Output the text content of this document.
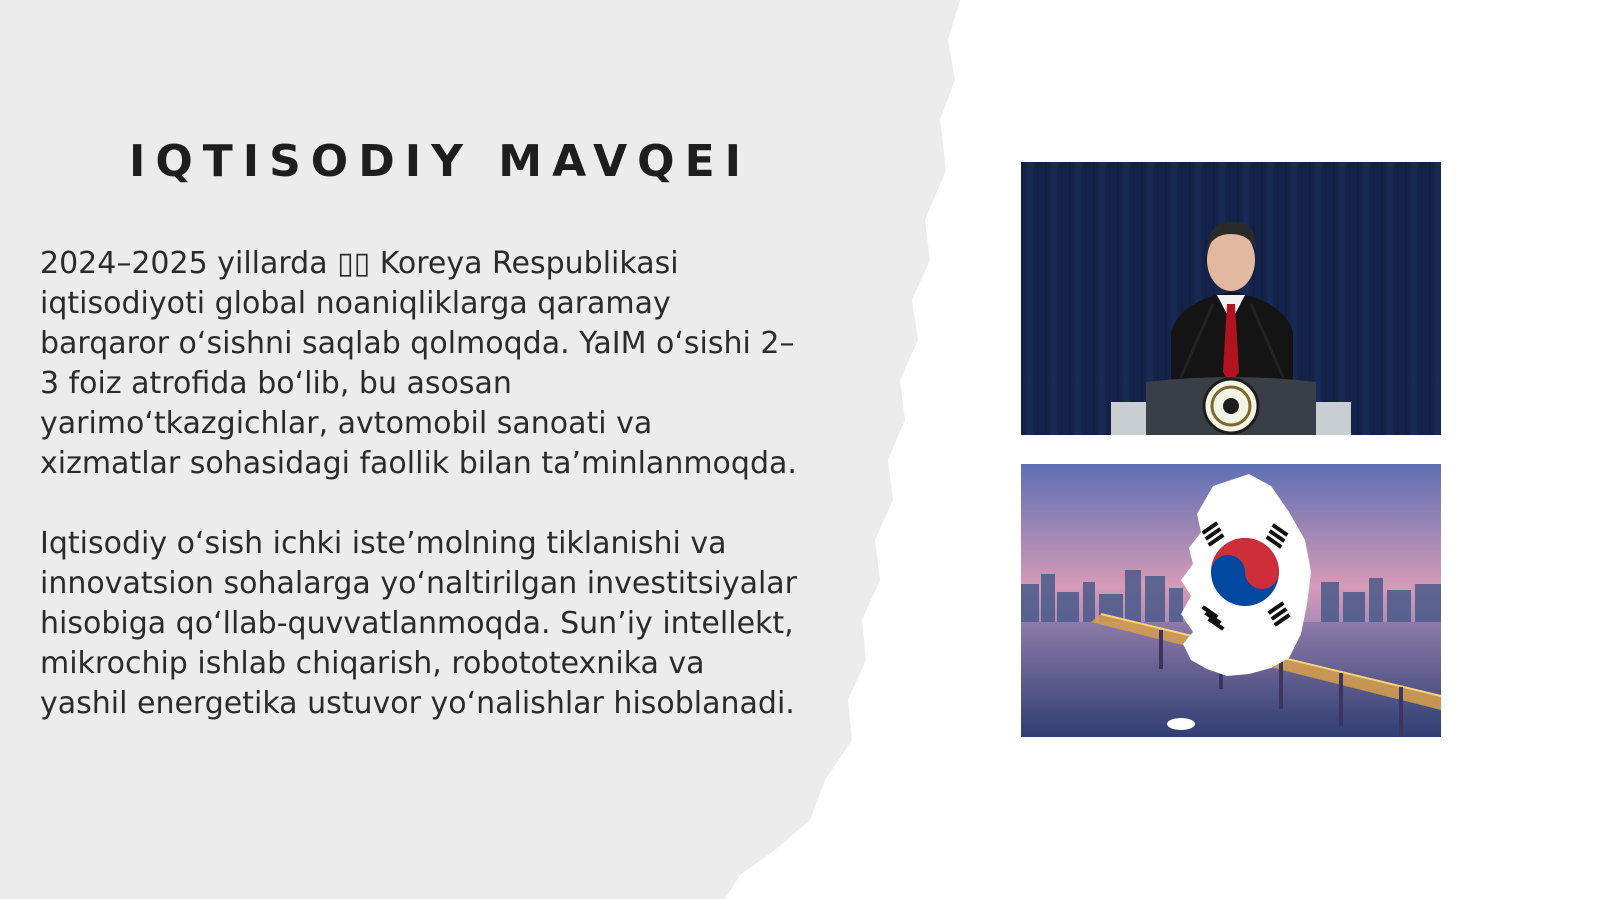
IQTISODIY MAVQEI

2024–2025 yillarda ▯▯ Koreya Respublikasi iqtisodiyoti global noaniqliklarga qaramay barqaror oʻsishni saqlab qolmoqda. YaIM oʻsishi 2–3 foiz atrofida boʻlib, bu asosan yarimoʻtkazgichlar, avtomobil sanoati va xizmatlar sohasidagi faollik bilan taʼminlanmoqda.

Iqtisodiy oʻsish ichki isteʼmolning tiklanishi va innovatsion sohalarga yoʻnaltirilgan investitsiyalar hisobiga qoʻllab-quvvatlanmoqda. Sunʼiy intellekt, mikrochip ishlab chiqarish, robototexnika va yashil energetika ustuvor yoʻnalishlar hisoblanadi.
